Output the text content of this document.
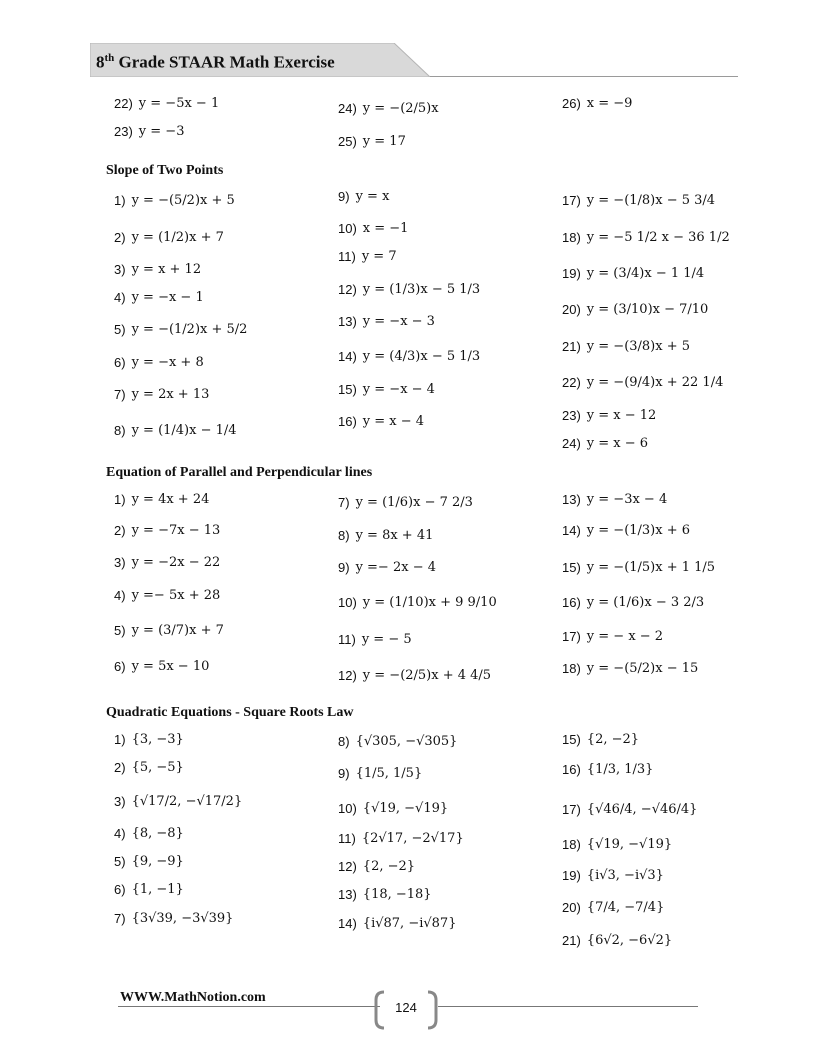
8th Grade STAAR Math Exercise
Slope of Two Points
Equation of Parallel and Perpendicular lines
Quadratic Equations - Square Roots Law
22) y = −5x − 1
23) y = −3
24) y = −(2/5)x
25) y = 17
26) x = −9
1) y = −(5/2)x + 5
2) y = (1/2)x + 7
3) y = x + 12
4) y = −x − 1
5) y = −(1/2)x + 5/2
6) y = −x + 8
7) y = 2x + 13
8) y = (1/4)x − 1/4
9) y = x
10) x = −1
11) y = 7
12) y = (1/3)x − 5 1/3
13) y = −x − 3
14) y = (4/3)x − 5 1/3
15) y = −x − 4
16) y = x − 4
17) y = −(1/8)x − 5 3/4
18) y = −5 1/2 x − 36 1/2
19) y = (3/4)x − 1 1/4
20) y = (3/10)x − 7/10
21) y = −(3/8)x + 5
22) y = −(9/4)x + 22 1/4
23) y = x − 12
24) y = x − 6
1) y = 4x + 24
2) y = −7x − 13
3) y = −2x − 22
4) y =− 5x + 28
5) y = (3/7)x + 7
6) y = 5x − 10
7) y = (1/6)x − 7 2/3
8) y = 8x + 41
9) y =− 2x − 4
10) y = (1/10)x + 9 9/10
11) y = − 5
12) y = −(2/5)x + 4 4/5
13) y = −3x − 4
14) y = −(1/3)x + 6
15) y = −(1/5)x + 1 1/5
16) y = (1/6)x − 3 2/3
17) y = − x − 2
18) y = −(5/2)x − 15
1) {3, −3}
2) {5, −5}
3) {√17/2, −√17/2}
4) {8, −8}
5) {9, −9}
6) {1, −1}
7) {3√39, −3√39}
8) {√305, −√305}
9) {1/5, 1/5}
10) {√19, −√19}
11) {2√17, −2√17}
12) {2, −2}
13) {18, −18}
14) {i√87, −i√87}
15) {2, −2}
16) {1/3, 1/3}
17) {√46/4, −√46/4}
18) {√19, −√19}
19) {i√3, −i√3}
20) {7/4, −7/4}
21) {6√2, −6√2}
WWW.MathNotion.com
124
